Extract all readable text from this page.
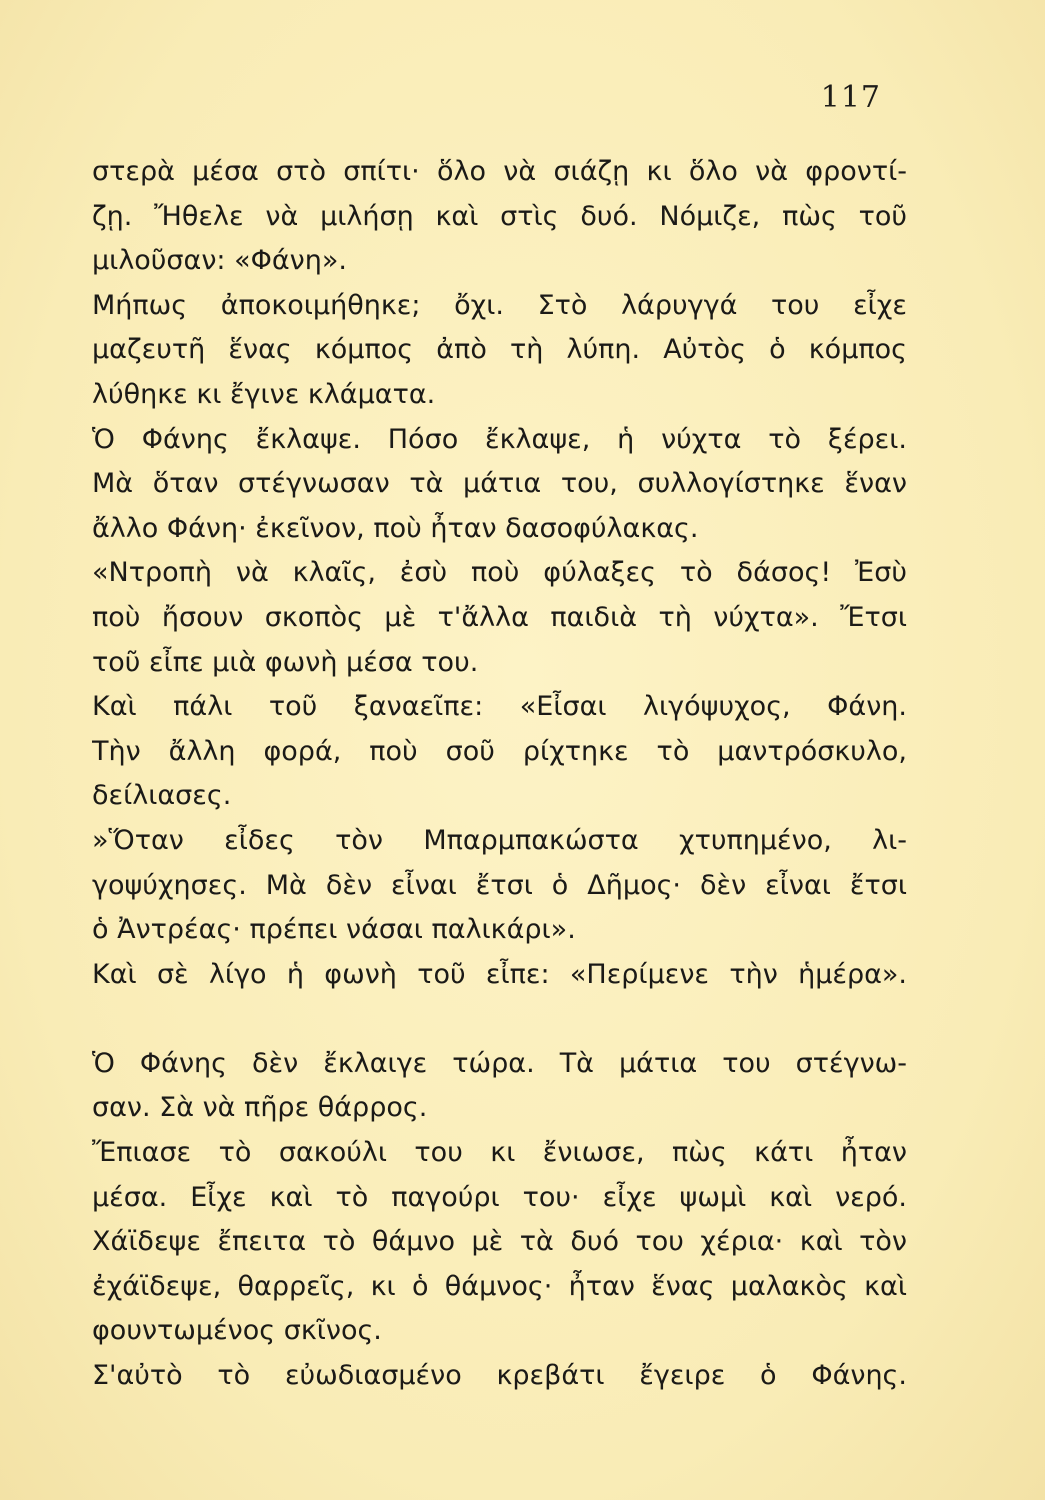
117
στερὰ μέσα στὸ σπίτι· ὅλο νὰ σιάζῃ κι ὅλο νὰ φροντί-
ζῃ. Ἤθελε νὰ μιλήσῃ καὶ στὶς δυό. Νόμιζε, πὼς τοῦ
μιλοῦσαν: «Φάνη».
Μήπως ἀποκοιμήθηκε; ὄχι. Στὸ λάρυγγά του εἶχε
μαζευτῆ ἕνας κόμπος ἀπὸ τὴ λύπη. Αὐτὸς ὁ κόμπος
λύθηκε κι ἔγινε κλάματα.
Ὁ Φάνης ἔκλαψε. Πόσο ἔκλαψε, ἡ νύχτα τὸ ξέρει.
Μὰ ὅταν στέγνωσαν τὰ μάτια του, συλλογίστηκε ἕναν
ἄλλο Φάνη· ἐκεῖνον, ποὺ ἦταν δασοφύλακας.
«Ντροπὴ νὰ κλαῖς, ἐσὺ ποὺ φύλαξες τὸ δάσος! Ἐσὺ
ποὺ ἤσουν σκοπὸς μὲ τ'ἄλλα παιδιὰ τὴ νύχτα». Ἔτσι
τοῦ εἶπε μιὰ φωνὴ μέσα του.
Καὶ πάλι τοῦ ξαναεῖπε: «Εἶσαι λιγόψυχος, Φάνη.
Τὴν ἄλλη φορά, ποὺ σοῦ ρίχτηκε τὸ μαντρόσκυλο,
δείλιασες.
»Ὅταν εἶδες τὸν Μπαρμπακώστα χτυπημένο, λι-
γοψύχησες. Μὰ δὲν εἶναι ἔτσι ὁ Δῆμος· δὲν εἶναι ἔτσι
ὁ Ἀντρέας· πρέπει νάσαι παλικάρι».
Καὶ σὲ λίγο ἡ φωνὴ τοῦ εἶπε: «Περίμενε τὴν ἡμέρα».
Ὁ Φάνης δὲν ἔκλαιγε τώρα. Τὰ μάτια του στέγνω-
σαν. Σὰ νὰ πῆρε θάρρος.
Ἔπιασε τὸ σακούλι του κι ἔνιωσε, πὼς κάτι ἦταν
μέσα. Εἶχε καὶ τὸ παγούρι του· εἶχε ψωμὶ καὶ νερό.
Χάϊδεψε ἔπειτα τὸ θάμνο μὲ τὰ δυό του χέρια· καὶ τὸν
ἐχάϊδεψε, θαρρεῖς, κι ὁ θάμνος· ἦταν ἕνας μαλακὸς καὶ
φουντωμένος σκῖνος.
Σ'αὐτὸ τὸ εὐωδιασμένο κρεβάτι ἔγειρε ὁ Φάνης.
